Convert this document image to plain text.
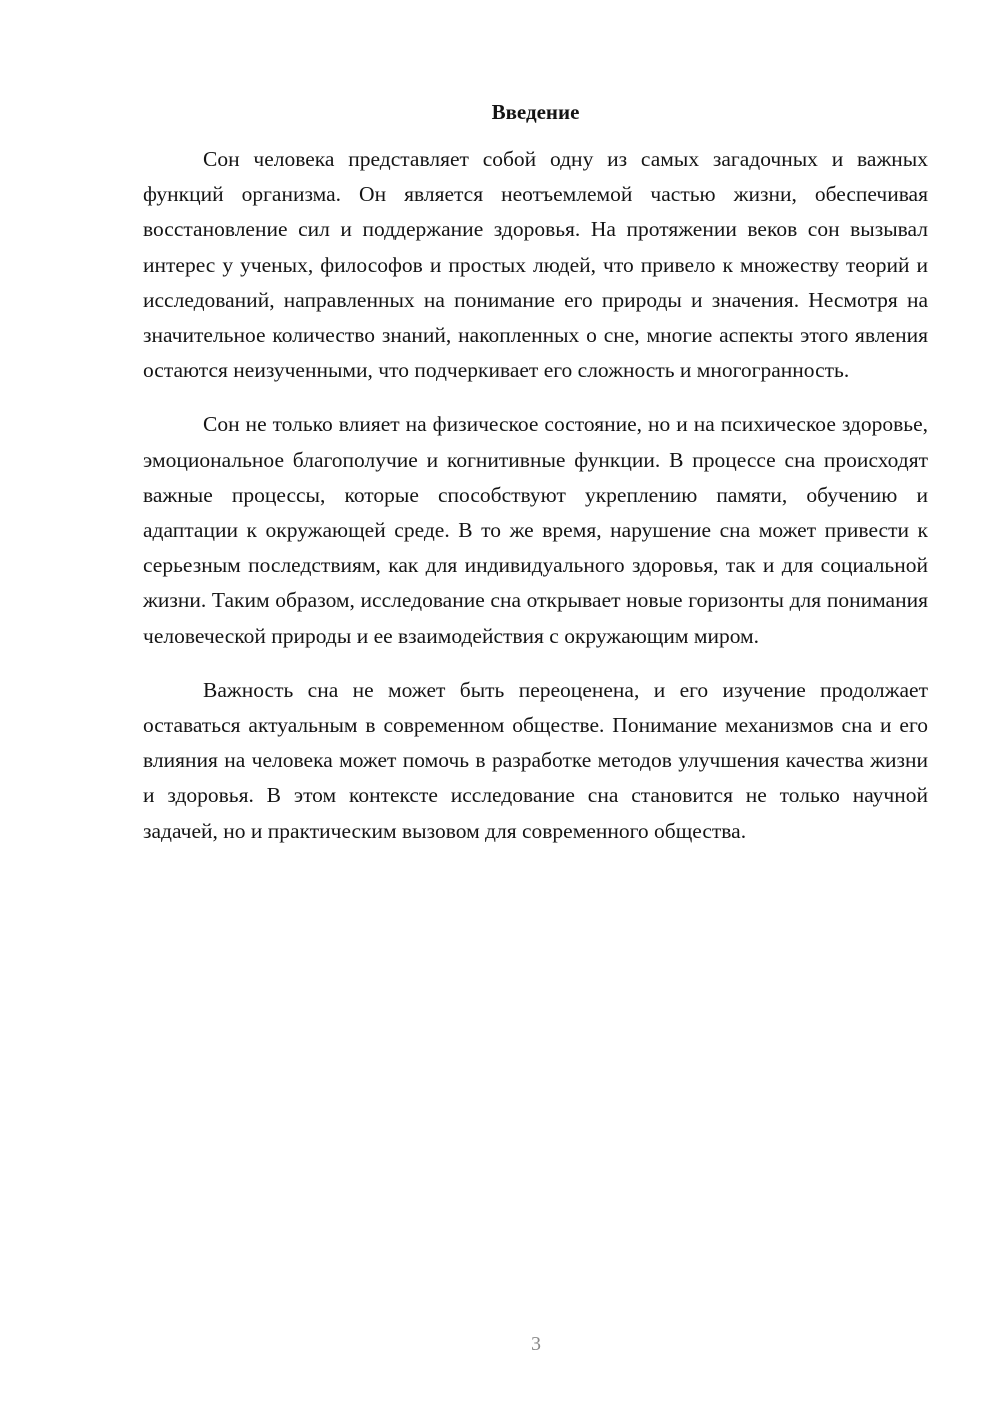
Введение

Сон человека представляет собой одну из самых загадочных и важных функций организма. Он является неотъемлемой частью жизни, обеспечивая восстановление сил и поддержание здоровья. На протяжении веков сон вызывал интерес у ученых, философов и простых людей, что привело к множеству теорий и исследований, направленных на понимание его природы и значения. Несмотря на значительное количество знаний, накопленных о сне, многие аспекты этого явления остаются неизученными, что подчеркивает его сложность и многогранность.

Сон не только влияет на физическое состояние, но и на психическое здоровье, эмоциональное благополучие и когнитивные функции. В процессе сна происходят важные процессы, которые способствуют укреплению памяти, обучению и адаптации к окружающей среде. В то же время, нарушение сна может привести к серьезным последствиям, как для индивидуального здоровья, так и для социальной жизни. Таким образом, исследование сна открывает новые горизонты для понимания человеческой природы и ее взаимодействия с окружающим миром.

Важность сна не может быть переоценена, и его изучение продолжает оставаться актуальным в современном обществе. Понимание механизмов сна и его влияния на человека может помочь в разработке методов улучшения качества жизни и здоровья. В этом контексте исследование сна становится не только научной задачей, но и практическим вызовом для современного общества.

3
